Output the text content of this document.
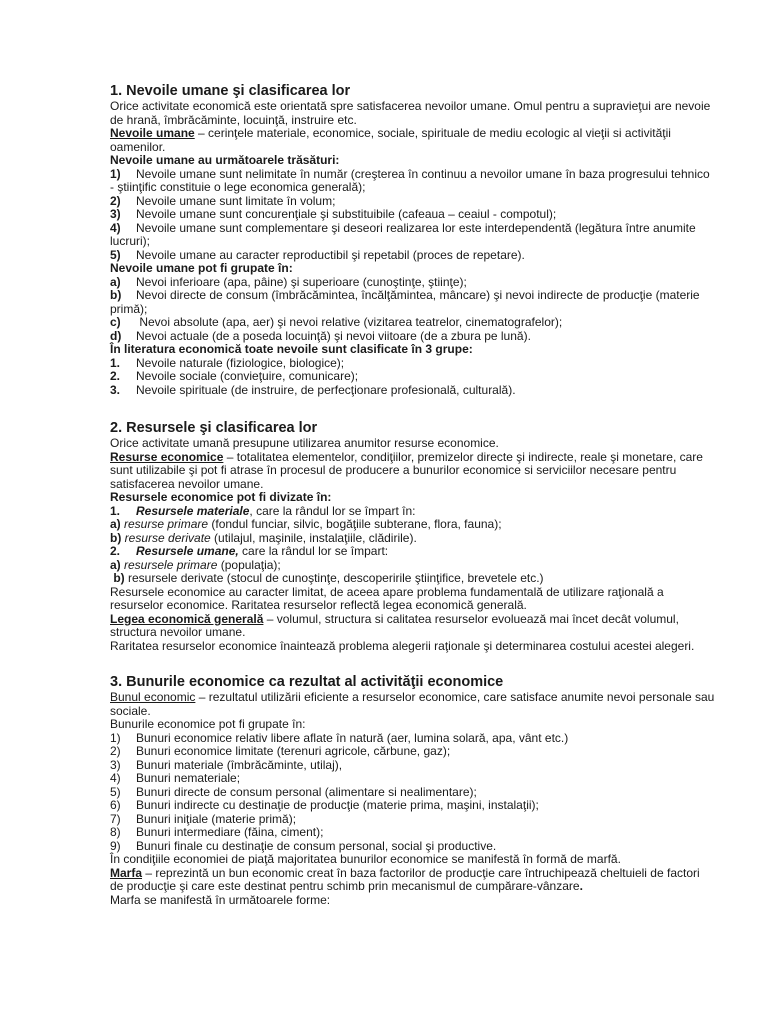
1. Nevoile umane şi clasificarea lor

Orice activitate economică este orientată spre satisfacerea nevoilor umane. Omul pentru a supravieţui are nevoie de hrană, îmbrăcăminte, locuinţă, instruire etc.

Nevoile umane – cerinţele materiale, economice, sociale, spirituale de mediu ecologic al vieţii si activităţii oamenilor.

Nevoile umane au următoarele trăsături:

1) Nevoile umane sunt nelimitate în număr (creşterea în continuu a nevoilor umane în baza progresului tehnico - ştiinţific constituie o lege economica generală);

2) Nevoile umane sunt limitate în volum;

3) Nevoile umane sunt concurenţiale şi substituibile (cafeaua – ceaiul - compotul);

4) Nevoile umane sunt complementare şi deseori realizarea lor este interdependentă (legătura între anumite lucruri);

5) Nevoile umane au caracter reproductibil şi repetabil (proces de repetare).

Nevoile umane pot fi grupate în:

a) Nevoi inferioare (apa, pâine) şi superioare (cunoştinţe, ştiinţe);

b) Nevoi directe de consum (îmbrăcămintea, încălţămintea, mâncare) şi nevoi indirecte de producţie (materie primă);

c) Nevoi absolute (apa, aer) şi nevoi relative (vizitarea teatrelor, cinematografelor);

d) Nevoi actuale (de a poseda locuinţă) şi nevoi viitoare (de a zbura pe lună).

În literatura economică toate nevoile sunt clasificate în 3 grupe:

1. Nevoile naturale (fiziologice, biologice);

2. Nevoile sociale (convieţuire, comunicare);

3. Nevoile spirituale (de instruire, de perfecţionare profesională, culturală).

2. Resursele şi clasificarea lor

Orice activitate umană presupune utilizarea anumitor resurse economice.

Resurse economice – totalitatea elementelor, condiţiilor, premizelor directe şi indirecte, reale şi monetare, care sunt utilizabile şi pot fi atrase în procesul de producere a bunurilor economice si serviciilor necesare pentru satisfacerea nevoilor umane.

Resursele economice pot fi divizate în:

1. Resursele materiale, care la rândul lor se împart în:

a) resurse primare (fondul funciar, silvic, bogăţiile subterane, flora, fauna);

b) resurse derivate (utilajul, maşinile, instalaţiile, clădirile).

2. Resursele umane, care la rândul lor se împart:

a) resursele primare (populaţia);

b) resursele derivate (stocul de cunoştinţe, descoperirile ştiinţifice, brevetele etc.)

Resursele economice au caracter limitat, de aceea apare problema fundamentală de utilizare raţională a resurselor economice. Raritatea resurselor reflectă legea economică generală.

Legea economică generală – volumul, structura si calitatea resurselor evoluează mai încet decât volumul, structura nevoilor umane.

Raritatea resurselor economice înaintează problema alegerii raţionale şi determinarea costului acestei alegeri.

3. Bunurile economice ca rezultat al activităţii economice

Bunul economic – rezultatul utilizării eficiente a resurselor economice, care satisface anumite nevoi personale sau sociale.

Bunurile economice pot fi grupate în:

1) Bunuri economice relativ libere aflate în natură (aer, lumina solară, apa, vânt etc.)

2) Bunuri economice limitate (terenuri agricole, cărbune, gaz);

3) Bunuri materiale (îmbrăcăminte, utilaj),

4) Bunuri nemateriale;

5) Bunuri directe de consum personal (alimentare si nealimentare);

6) Bunuri indirecte cu destinaţie de producţie (materie prima, maşini, instalaţii);

7) Bunuri iniţiale (materie primă);

8) Bunuri intermediare (făina, ciment);

9) Bunuri finale cu destinaţie de consum personal, social şi productive.

În condiţiile economiei de piaţă majoritatea bunurilor economice se manifestă în formă de marfă.

Marfa – reprezintă un bun economic creat în baza factorilor de producţie care întruchipează cheltuieli de factori de producţie şi care este destinat pentru schimb prin mecanismul de cumpărare-vânzare.

Marfa se manifestă în următoarele forme:
